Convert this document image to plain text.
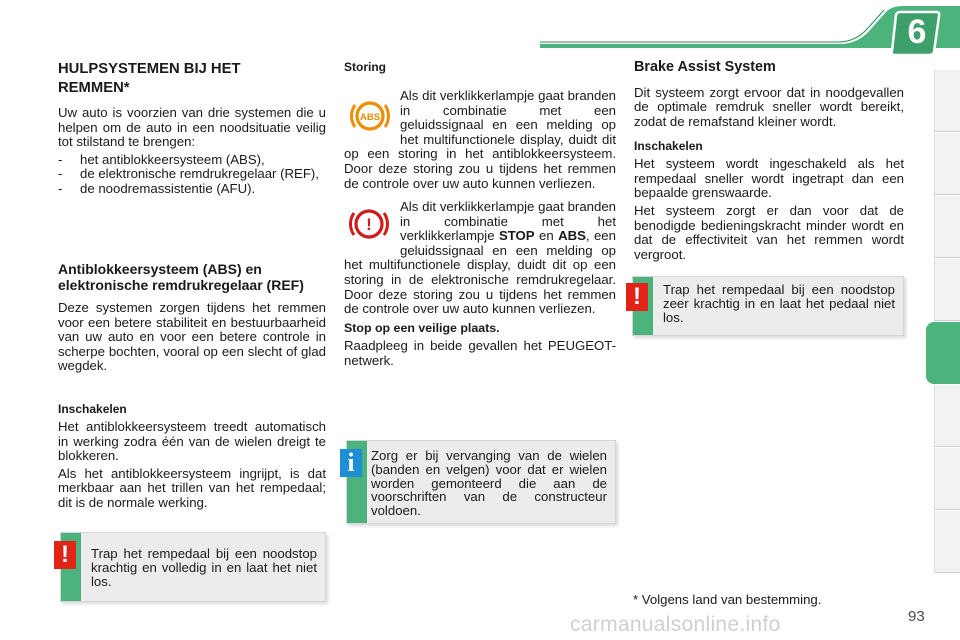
VEILIGHEID	6
HULPSYSTEMEN BIJ HET
REMMEN*
Uw auto is voorzien van drie systemen die u helpen om de auto in een noodsituatie veilig tot stilstand te brengen:
-	het antiblokkeersysteem (ABS),
-	de elektronische remdrukregelaar (REF),
-	de noodremassistentie (AFU).
Antiblokkeersysteem (ABS) en elektronische remdrukregelaar (REF)
Deze systemen zorgen tijdens het remmen voor een betere stabiliteit en bestuurbaarheid van uw auto en voor een betere controle in scherpe bochten, vooral op een slecht of glad wegdek.
Inschakelen
Het antiblokkeersysteem treedt automatisch in werking zodra één van de wielen dreigt te blokkeren.
Als het antiblokkeersysteem ingrijpt, is dat merkbaar aan het trillen van het rempedaal; dit is de normale werking.
!	Trap het rempedaal bij een noodstop krachtig en volledig in en laat het niet los.
Storing
ABS
Als dit verklikkerlampje gaat branden in combinatie met een geluidssignaal en een melding op het multifunctionele display, duidt dit op een storing in het antiblokkeersysteem. Door deze storing zou u tijdens het remmen de controle over uw auto kunnen verliezen.
!
Als dit verklikkerlampje gaat branden in combinatie met het verklikkerlampje STOP en ABS, een geluidssignaal en een melding op het multifunctionele display, duidt dit op een storing in de elektronische remdrukregelaar. Door deze storing zou u tijdens het remmen de controle over uw auto kunnen verliezen.
Stop op een veilige plaats.
Raadpleeg in beide gevallen het PEUGEOT-netwerk.
i	Zorg er bij vervanging van de wielen (banden en velgen) voor dat er wielen worden gemonteerd die aan de voorschriften van de constructeur voldoen.
Brake Assist System
Dit systeem zorgt ervoor dat in noodgevallen de optimale remdruk sneller wordt bereikt, zodat de remafstand kleiner wordt.
Inschakelen
Het systeem wordt ingeschakeld als het rempedaal sneller wordt ingetrapt dan een bepaalde grenswaarde.
Het systeem zorgt er dan voor dat de benodigde bedieningskracht minder wordt en dat de effectiviteit van het remmen wordt vergroot.
!	Trap het rempedaal bij een noodstop zeer krachtig in en laat het pedaal niet los.
* Volgens land van bestemming.
carmanualsonline.info	93
